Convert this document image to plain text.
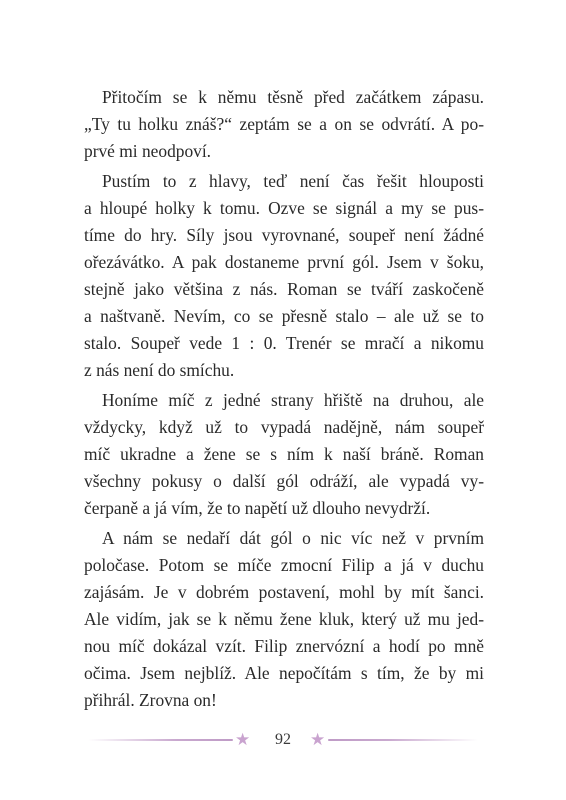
Přitočím se k němu těsně před začátkem zápasu.
„Ty tu holku znáš?“ zeptám se a on se odvrátí. A po-
prvé mi neodpoví.

Pustím to z hlavy, teď není čas řešit hlouposti
a hloupé holky k tomu. Ozve se signál a my se pus-
tíme do hry. Síly jsou vyrovnané, soupeř není žádné
ořezávátko. A pak dostaneme první gól. Jsem v šoku,
stejně jako většina z nás. Roman se tváří zaskočeně
a naštvaně. Nevím, co se přesně stalo – ale už se to
stalo. Soupeř vede 1 : 0. Trenér se mračí a nikomu
z nás není do smíchu.

Honíme míč z jedné strany hřiště na druhou, ale
vždycky, když už to vypadá nadějně, nám soupeř
míč ukradne a žene se s ním k naší bráně. Roman
všechny pokusy o další gól odráží, ale vypadá vy-
čerpaně a já vím, že to napětí už dlouho nevydrží.

A nám se nedaří dát gól o nic víc než v prvním
poločase. Potom se míče zmocní Filip a já v duchu
zajásám. Je v dobrém postavení, mohl by mít šanci.
Ale vidím, jak se k němu žene kluk, který už mu jed-
nou míč dokázal vzít. Filip znervózní a hodí po mně
očima. Jsem nejblíž. Ale nepočítám s tím, že by mi
přihrál. Zrovna on!

★	92	★
